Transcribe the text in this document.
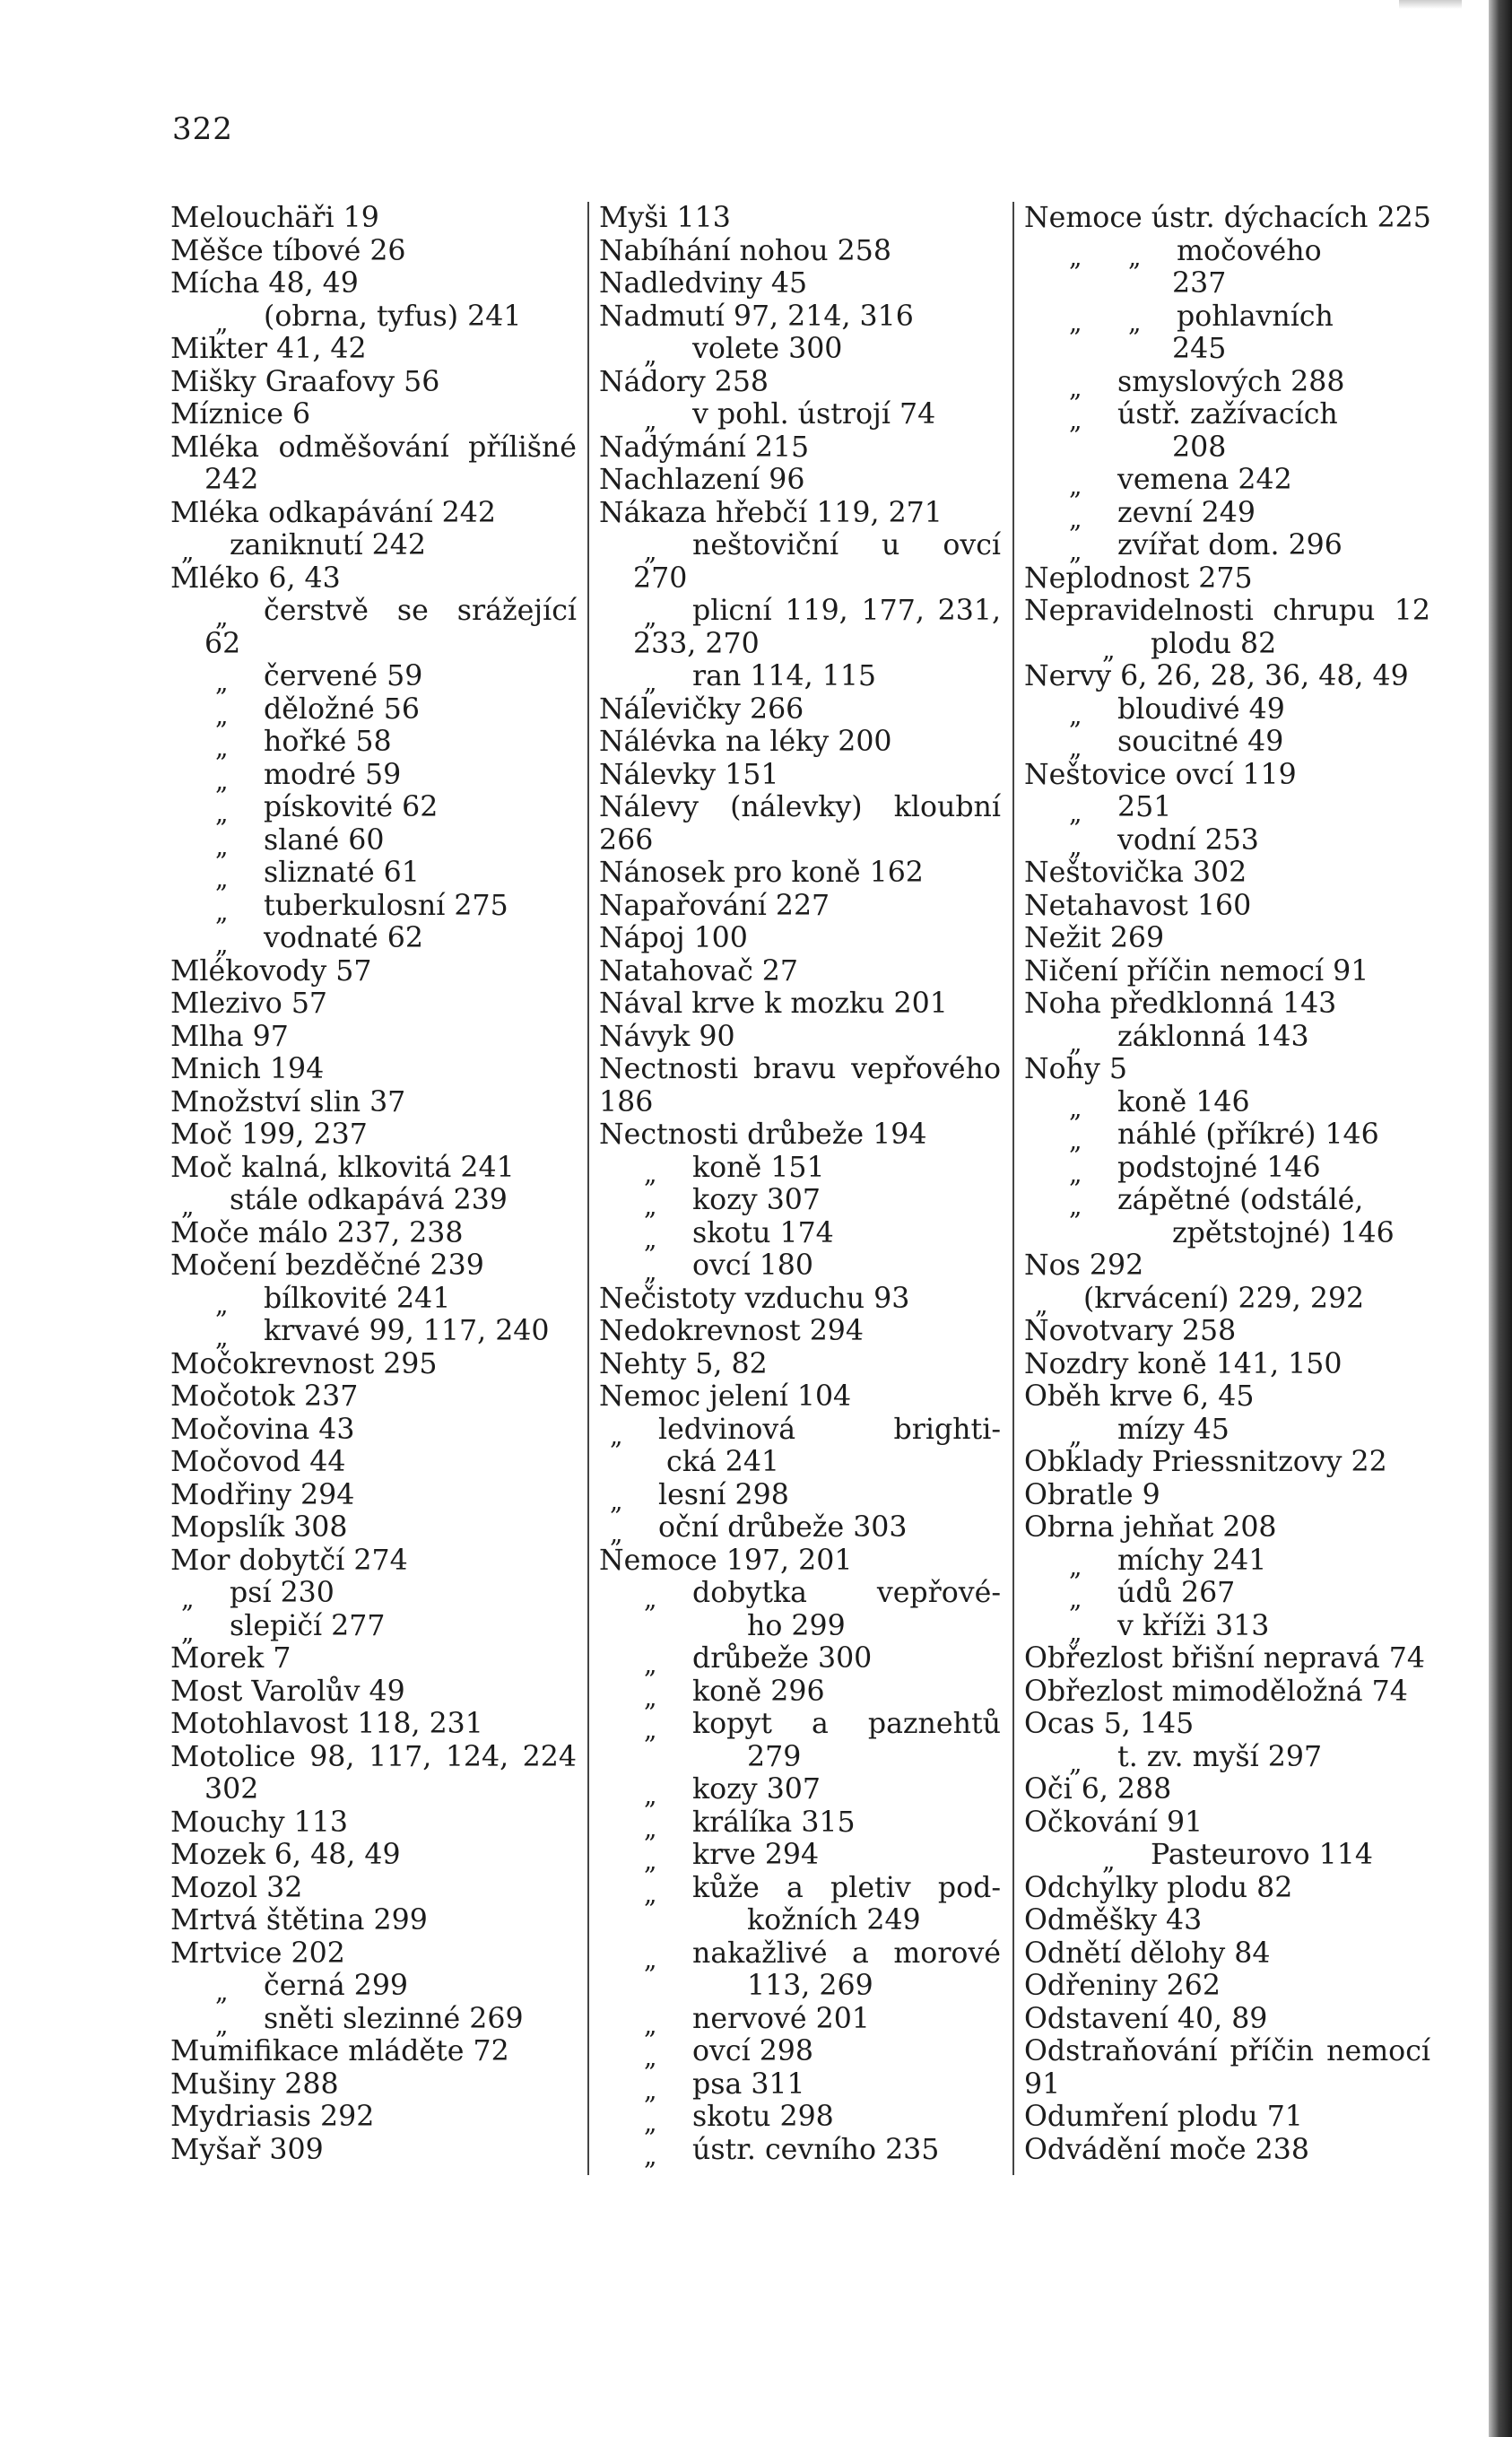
322
Melouchäři 19
Měšce tíbové 26
Mícha 48, 49
„ (obrna, tyfus) 241
Mikter 41, 42
Mišky Graafovy 56
Míznice 6
Mléka odměšování přílišné
242
Mléka odkapávání 242
„ zaniknutí 242
Mléko 6, 43
„ čerstvě se srážející
62
„ červené 59
„ děložné 56
„ hořké 58
„ modré 59
„ pískovité 62
„ slané 60
„ sliznaté 61
„ tuberkulosní 275
„ vodnaté 62
Mlékovody 57
Mlezivo 57
Mlha 97
Mnich 194
Množství slin 37
Moč 199, 237
Moč kalná, klkovitá 241
„ stále odkapává 239
Moče málo 237, 238
Močení bezděčné 239
„ bílkovité 241
„ krvavé 99, 117, 240
Močokrevnost 295
Močotok 237
Močovina 43
Močovod 44
Modřiny 294
Mopslík 308
Mor dobytčí 274
„ psí 230
„ slepičí 277
Morek 7
Most Varolův 49
Motohlavost 118, 231
Motolice 98, 117, 124, 224
302
Mouchy 113
Mozek 6, 48, 49
Mozol 32
Mrtvá štětina 299
Mrtvice 202
„ černá 299
„ sněti slezinné 269
Mumifikace mláděte 72
Mušiny 288
Mydriasis 292
Myšař 309
Myši 113
Nabíhání nohou 258
Nadledviny 45
Nadmutí 97, 214, 316
„ volete 300
Nádory 258
„ v pohl. ústrojí 74
Nadýmání 215
Nachlazení 96
Nákaza hřebčí 119, 271
„ neštoviční u ovcí
270
„ plicní 119, 177, 231,
233, 270
„ ran 114, 115
Nálevičky 266
Nálévka na léky 200
Nálevky 151
Nálevy (nálevky) kloubní
266
Nánosek pro koně 162
Napařování 227
Nápoj 100
Natahovač 27
Nával krve k mozku 201
Návyk 90
Nectnosti bravu vepřového
186
Nectnosti drůbeže 194
„ koně 151
„ kozy 307
„ skotu 174
„ ovcí 180
Nečistoty vzduchu 93
Nedokrevnost 294
Nehty 5, 82
Nemoc jelení 104
„ ledvinová brighti-
cká 241
„ lesní 298
„ oční drůbeže 303
Nemoce 197, 201
„ dobytka vepřové-
ho 299
„ drůbeže 300
„ koně 296
„ kopyt a paznehtů
279
„ kozy 307
„ králíka 315
„ krve 294
„ kůže a pletiv pod-
kožních 249
„ nakažlivé a morové
113, 269
„ nervové 201
„ ovcí 298
„ psa 311
„ skotu 298
„ ústr. cevního 235
Nemoce ústr. dýchacích 225
„ „ močového
237
„ „ pohlavních
245
„ smyslových 288
„ ústř. zažívacích
208
„ vemena 242
„ zevní 249
„ zvířat dom. 296
Neplodnost 275
Nepravidelnosti chrupu 12
„ plodu 82
Nervy 6, 26, 28, 36, 48, 49
„ bloudivé 49
„ soucitné 49
Neštovice ovcí 119
„ 251
„ vodní 253
Neštovička 302
Netahavost 160
Nežit 269
Ničení příčin nemocí 91
Noha předklonná 143
„ záklonná 143
Nohy 5
„ koně 146
„ náhlé (příkré) 146
„ podstojné 146
„ zápětné (odstálé,
zpětstojné) 146
Nos 292
„ (krvácení) 229, 292
Novotvary 258
Nozdry koně 141, 150
Oběh krve 6, 45
„ mízy 45
Obklady Priessnitzovy 22
Obratle 9
Obrna jehňat 208
„ míchy 241
„ údů 267
„ v kříži 313
Obřezlost břišní nepravá 74
Obřezlost mimoděložná 74
Ocas 5, 145
„ t. zv. myší 297
Oči 6, 288
Očkování 91
„ Pasteurovo 114
Odchylky plodu 82
Odměšky 43
Odnětí dělohy 84
Odřeniny 262
Odstavení 40, 89
Odstraňování příčin nemocí
91
Odumření plodu 71
Odvádění moče 238
